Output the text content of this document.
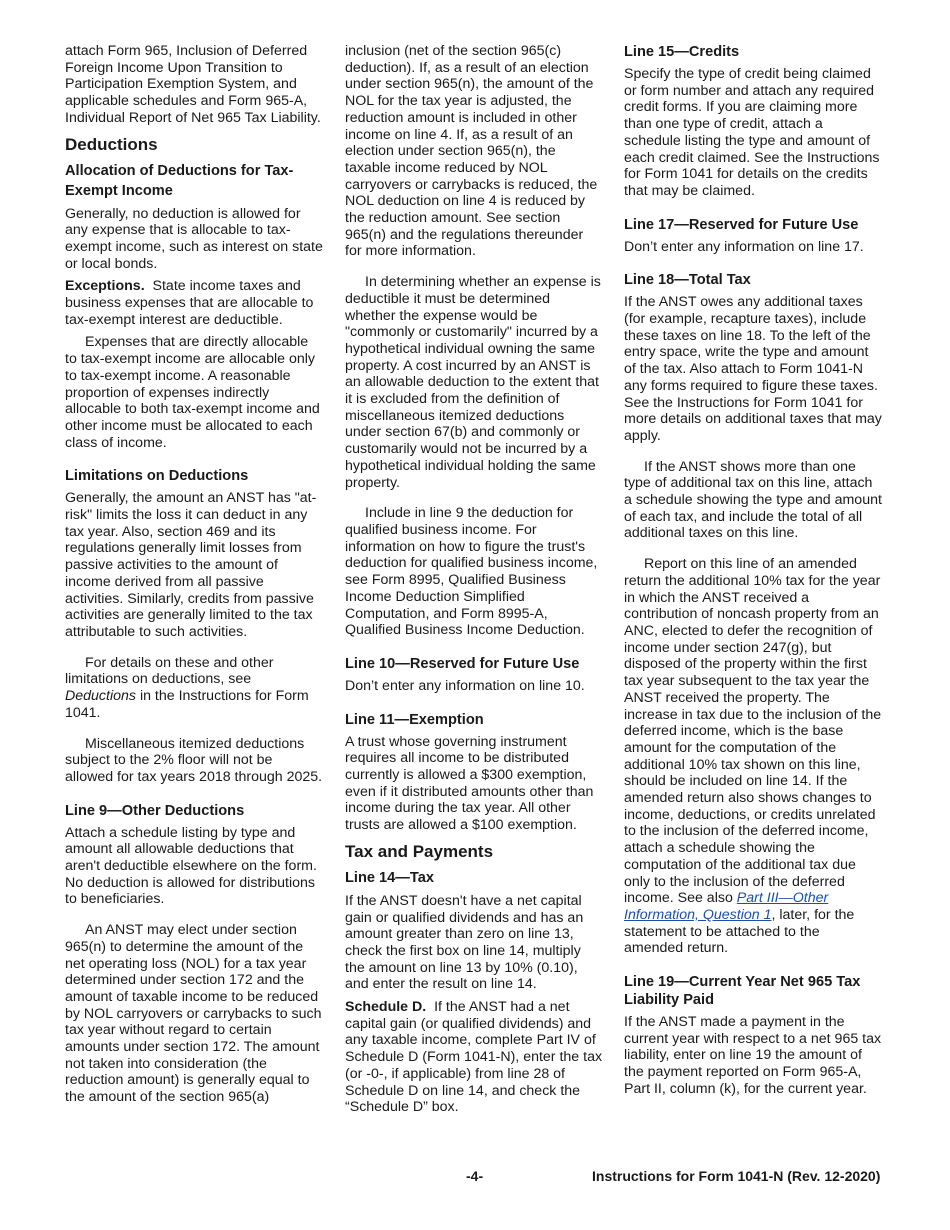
attach Form 965, Inclusion of Deferred Foreign Income Upon Transition to Participation Exemption System, and applicable schedules and Form 965-A, Individual Report of Net 965 Tax Liability.

Deductions
Allocation of Deductions for Tax-Exempt Income

Generally, no deduction is allowed for any expense that is allocable to tax-exempt income, such as interest on state or local bonds.

Exceptions. State income taxes and business expenses that are allocable to tax-exempt interest are deductible.

Expenses that are directly allocable to tax-exempt income are allocable only to tax-exempt income. A reasonable proportion of expenses indirectly allocable to both tax-exempt income and other income must be allocated to each class of income.

Limitations on Deductions

Generally, the amount an ANST has "at-risk" limits the loss it can deduct in any tax year. Also, section 469 and its regulations generally limit losses from passive activities to the amount of income derived from all passive activities. Similarly, credits from passive activities are generally limited to the tax attributable to such activities.

For details on these and other limitations on deductions, see Deductions in the Instructions for Form 1041.

Miscellaneous itemized deductions subject to the 2% floor will not be allowed for tax years 2018 through 2025.

Line 9—Other Deductions

Attach a schedule listing by type and amount all allowable deductions that aren't deductible elsewhere on the form. No deduction is allowed for distributions to beneficiaries.

An ANST may elect under section 965(n) to determine the amount of the net operating loss (NOL) for a tax year determined under section 172 and the amount of taxable income to be reduced by NOL carryovers or carrybacks to such tax year without regard to certain amounts under section 172. The amount not taken into consideration (the reduction amount) is generally equal to the amount of the section 965(a)

inclusion (net of the section 965(c) deduction). If, as a result of an election under section 965(n), the amount of the NOL for the tax year is adjusted, the reduction amount is included in other income on line 4. If, as a result of an election under section 965(n), the taxable income reduced by NOL carryovers or carrybacks is reduced, the NOL deduction on line 4 is reduced by the reduction amount. See section 965(n) and the regulations thereunder for more information.

In determining whether an expense is deductible it must be determined whether the expense would be "commonly or customarily" incurred by a hypothetical individual owning the same property. A cost incurred by an ANST is an allowable deduction to the extent that it is excluded from the definition of miscellaneous itemized deductions under section 67(b) and commonly or customarily would not be incurred by a hypothetical individual holding the same property.

Include in line 9 the deduction for qualified business income. For information on how to figure the trust's deduction for qualified business income, see Form 8995, Qualified Business Income Deduction Simplified Computation, and Form 8995-A, Qualified Business Income Deduction.

Line 10—Reserved for Future Use

Don’t enter any information on line 10.

Line 11—Exemption

A trust whose governing instrument requires all income to be distributed currently is allowed a $300 exemption, even if it distributed amounts other than income during the tax year. All other trusts are allowed a $100 exemption.

Tax and Payments
Line 14—Tax

If the ANST doesn't have a net capital gain or qualified dividends and has an amount greater than zero on line 13, check the first box on line 14, multiply the amount on line 13 by 10% (0.10), and enter the result on line 14.

Schedule D. If the ANST had a net capital gain (or qualified dividends) and any taxable income, complete Part IV of Schedule D (Form 1041-N), enter the tax (or -0-, if applicable) from line 28 of Schedule D on line 14, and check the “Schedule D” box.

Line 15—Credits

Specify the type of credit being claimed or form number and attach any required credit forms. If you are claiming more than one type of credit, attach a schedule listing the type and amount of each credit claimed. See the Instructions for Form 1041 for details on the credits that may be claimed.

Line 17—Reserved for Future Use

Don’t enter any information on line 17.

Line 18—Total Tax

If the ANST owes any additional taxes (for example, recapture taxes), include these taxes on line 18. To the left of the entry space, write the type and amount of the tax. Also attach to Form 1041-N any forms required to figure these taxes. See the Instructions for Form 1041 for more details on additional taxes that may apply.

If the ANST shows more than one type of additional tax on this line, attach a schedule showing the type and amount of each tax, and include the total of all additional taxes on this line.

Report on this line of an amended return the additional 10% tax for the year in which the ANST received a contribution of noncash property from an ANC, elected to defer the recognition of income under section 247(g), but disposed of the property within the first tax year subsequent to the tax year the ANST received the property. The increase in tax due to the inclusion of the deferred income, which is the base amount for the computation of the additional 10% tax shown on this line, should be included on line 14. If the amended return also shows changes to income, deductions, or credits unrelated to the inclusion of the deferred income, attach a schedule showing the computation of the additional tax due only to the inclusion of the deferred income. See also Part III—Other Information, Question 1, later, for the statement to be attached to the amended return.

Line 19—Current Year Net 965 Tax Liability Paid

If the ANST made a payment in the current year with respect to a net 965 tax liability, enter on line 19 the amount of the payment reported on Form 965-A, Part II, column (k), for the current year.

-4-	Instructions for Form 1041-N (Rev. 12-2020)
